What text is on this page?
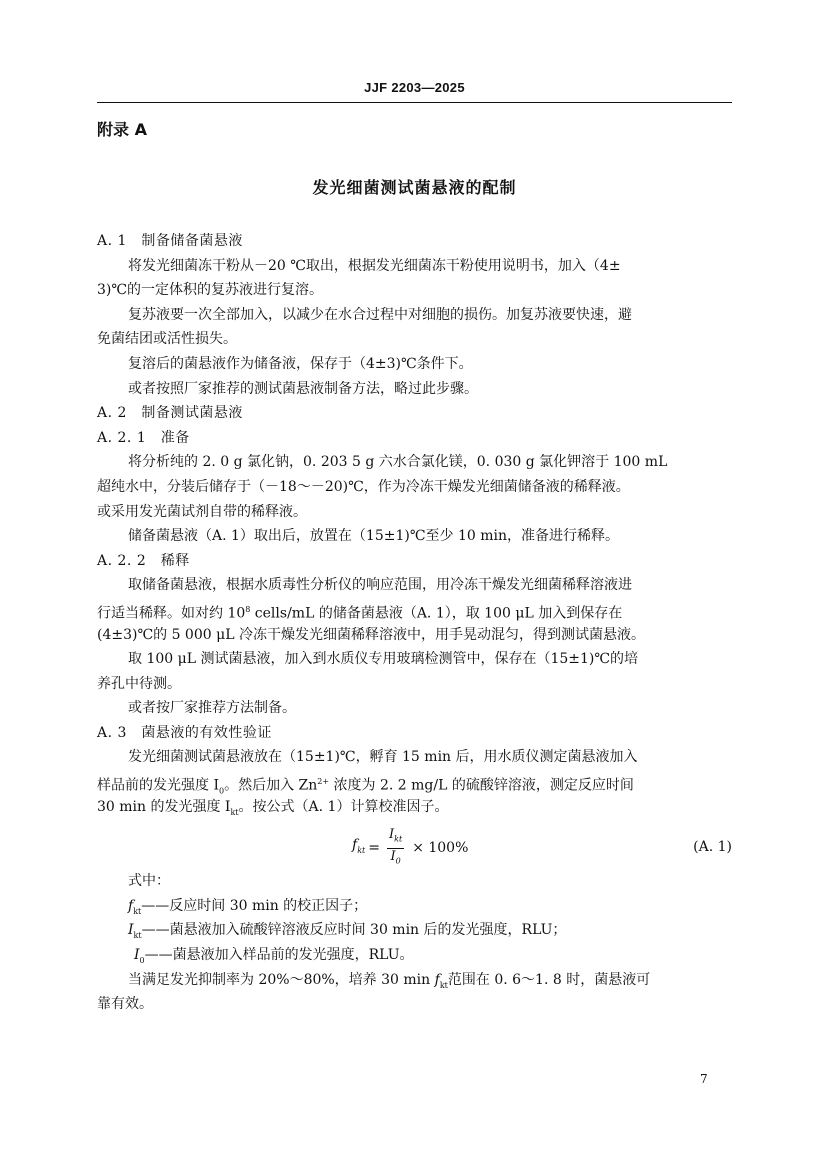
JJF 2203—2025
附录 A
发光细菌测试菌悬液的配制
A. 1　制备储备菌悬液
将发光细菌冻干粉从－20 ℃取出，根据发光细菌冻干粉使用说明书，加入（4±
3)℃的一定体积的复苏液进行复溶。
复苏液要一次全部加入，以减少在水合过程中对细胞的损伤。加复苏液要快速，避
免菌结团或活性损失。
复溶后的菌悬液作为储备液，保存于（4±3)℃条件下。
或者按照厂家推荐的测试菌悬液制备方法，略过此步骤。
A. 2　制备测试菌悬液
A. 2. 1　准备
将分析纯的 2. 0 g 氯化钠，0. 203 5 g 六水合氯化镁，0. 030 g 氯化钾溶于 100 mL
超纯水中，分装后储存于（－18～－20)℃，作为冷冻干燥发光细菌储备液的稀释液。
或采用发光菌试剂自带的稀释液。
储备菌悬液（A. 1）取出后，放置在（15±1)℃至少 10 min，准备进行稀释。
A. 2. 2　稀释
取储备菌悬液，根据水质毒性分析仪的响应范围，用冷冻干燥发光细菌稀释溶液进
行适当稀释。如对约 $10^8$ cells/mL 的储备菌悬液（A. 1），取 100 μL 加入到保存在
(4±3)℃的 5 000 μL 冷冻干燥发光细菌稀释溶液中，用手晃动混匀，得到测试菌悬液。
取 100 μL 测试菌悬液，加入到水质仪专用玻璃检测管中，保存在（15±1)℃的培
养孔中待测。
或者按厂家推荐方法制备。
A. 3　菌悬液的有效性验证
发光细菌测试菌悬液放在（15±1)℃，孵育 15 min 后，用水质仪测定菌悬液加入
样品前的发光强度 $I_0$。然后加入 $Zn^{2+}$ 浓度为 2. 2 mg/L 的硫酸锌溶液，测定反应时间
30 min 的发光强度 $I_{kt}$。按公式（A. 1）计算校准因子。
$f_{kt} = \frac{I_{kt}}{I_0} \times 100\%$	(A. 1)
式中：
$f_{kt}——$反应时间 30 min 的校正因子；
$I_{kt}——$菌悬液加入硫酸锌溶液反应时间 30 min 后的发光强度，RLU；
$I_0——$菌悬液加入样品前的发光强度，RLU。
当满足发光抑制率为 20%～80%，培养 30 $\min f_{kt}$范围在 0. 6～1. 8 时，菌悬液可
靠有效。
7
